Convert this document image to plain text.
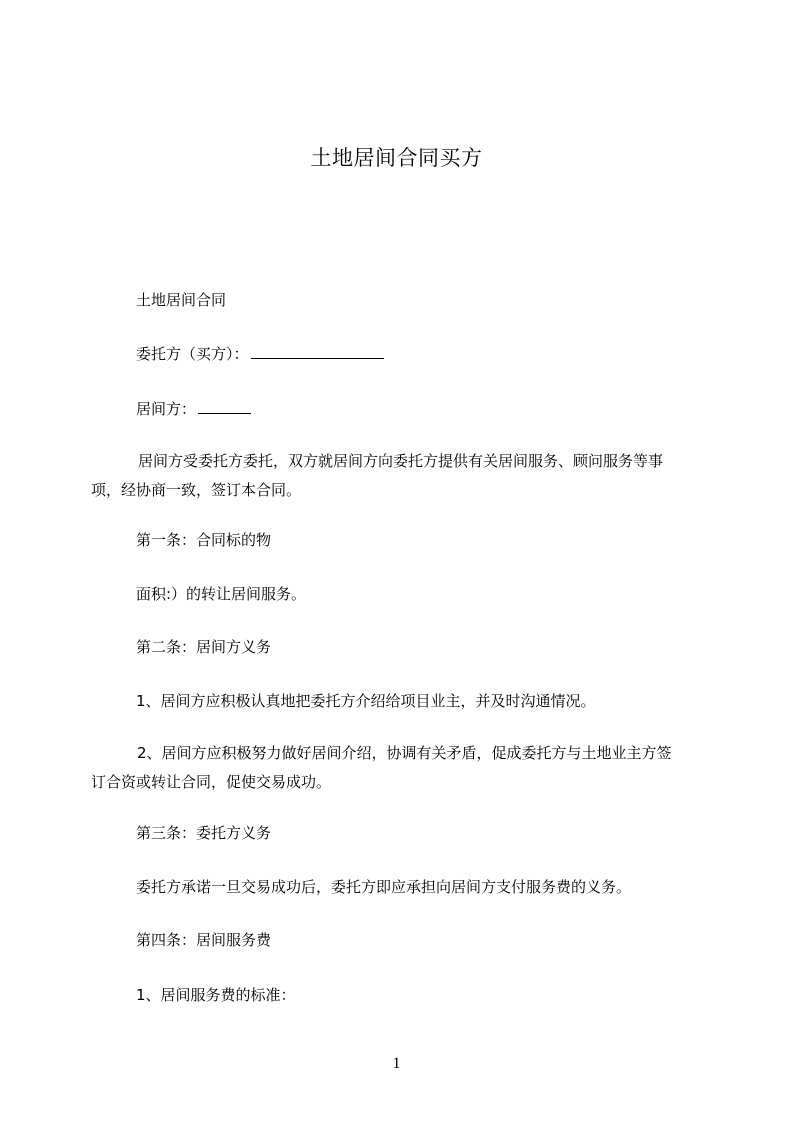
土地居间合同买方
土地居间合同
委托方（买方）：
居间方：
居间方受委托方委托，双方就居间方向委托方提供有关居间服务、顾问服务等事
项，经协商一致，签订本合同。
第一条：合同标的物
面积:）的转让居间服务。
第二条：居间方义务
1、居间方应积极认真地把委托方介绍给项目业主，并及时沟通情况。
2、居间方应积极努力做好居间介绍，协调有关矛盾，促成委托方与土地业主方签
订合资或转让合同，促使交易成功。
第三条：委托方义务
委托方承诺一旦交易成功后，委托方即应承担向居间方支付服务费的义务。
第四条：居间服务费
1、居间服务费的标准：
1
